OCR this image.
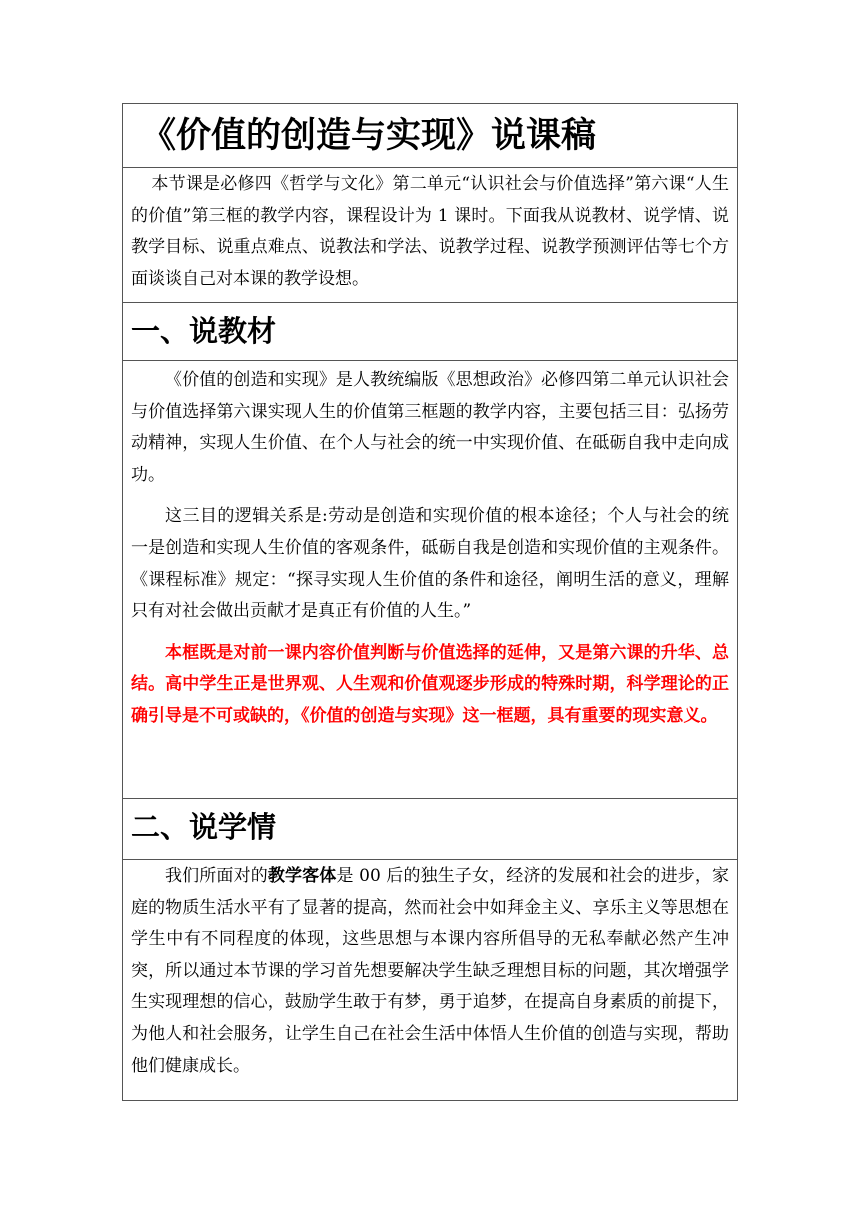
《价值的创造与实现》说课稿

本节课是必修四《哲学与文化》第二单元“认识社会与价值选择”第六课“人生的价值”第三框的教学内容，课程设计为 1 课时。下面我从说教材、说学情、说教学目标、说重点难点、说教法和学法、说教学过程、说教学预测评估等七个方面谈谈自己对本课的教学设想。

一、说教材

《价值的创造和实现》是人教统编版《思想政治》必修四第二单元认识社会与价值选择第六课实现人生的价值第三框题的教学内容，主要包括三目：弘扬劳动精神，实现人生价值、在个人与社会的统一中实现价值、在砥砺自我中走向成功。

这三目的逻辑关系是:劳动是创造和实现价值的根本途径；个人与社会的统一是创造和实现人生价值的客观条件，砥砺自我是创造和实现价值的主观条件。《课程标准》规定：“探寻实现人生价值的条件和途径，阐明生活的意义，理解只有对社会做出贡献才是真正有价值的人生。”

本框既是对前一课内容价值判断与价值选择的延伸，又是第六课的升华、总结。高中学生正是世界观、人生观和价值观逐步形成的特殊时期，科学理论的正确引导是不可或缺的，《价值的创造与实现》这一框题，具有重要的现实意义。

二、说学情

我们所面对的教学客体是 00 后的独生子女，经济的发展和社会的进步，家庭的物质生活水平有了显著的提高，然而社会中如拜金主义、享乐主义等思想在学生中有不同程度的体现，这些思想与本课内容所倡导的无私奉献必然产生冲突，所以通过本节课的学习首先想要解决学生缺乏理想目标的问题，其次增强学生实现理想的信心，鼓励学生敢于有梦，勇于追梦，在提高自身素质的前提下，为他人和社会服务，让学生自己在社会生活中体悟人生价值的创造与实现，帮助他们健康成长。
